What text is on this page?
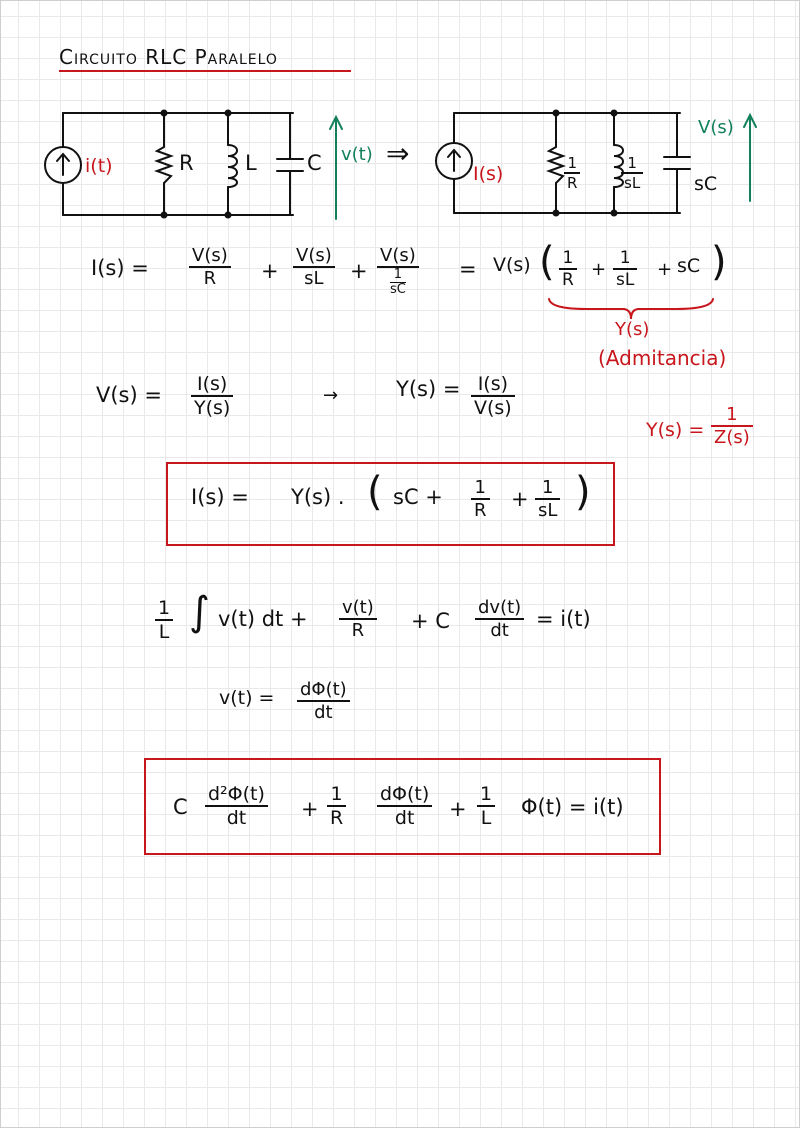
Circuito RLC Paralelo
i(t)	R L C v(t) ⇒
I(s)	1
R
1
sL	sC
V(s)
I(s) =
V(s)
R +
V(s)
sL +
V(s)
1
sC
= V(s) ( 1
R +
1
sL + sC )
Y(s)
(Admitancia)
V(s) = I(s)
Y(s)
→	Y(s) = I(s)
V(s)
Y(s) =
1
Z(s)
I(s) = Y(s) . ( sC + 1
R + 1
sL )
1
L ∫ v(t) dt + v(t)
R + C
dv(t)
dt = i(t)
v(t) = dΦ(t)
dt
C
d²Φ(t)
dt	+
1
R
dΦ(t)
dt +
1
L Φ(t) = i(t)
